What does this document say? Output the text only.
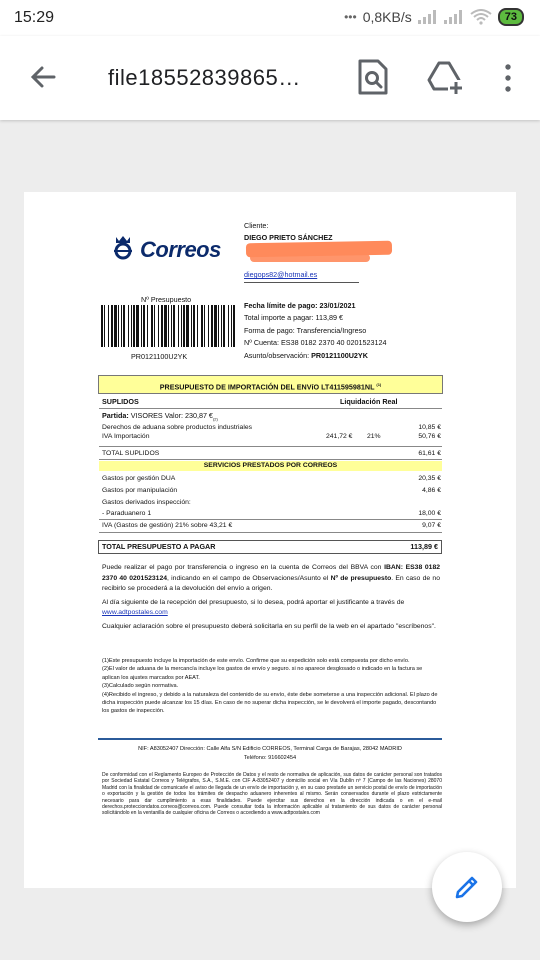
15:29	••• 0,8KB/s	73
file18552839865…
Correos
Cliente:
DIEGO PRIETO SÁNCHEZ
diegops82@hotmail.es
Nº Presupuesto
PR0121100U2YK
Fecha límite de pago: 23/01/2021
Total importe a pagar: 113,89 €
Forma de pago: Transferencia/Ingreso
Nº Cuenta: ES38 0182 2370 40 0201523124
Asunto/observación: PR0121100U2YK
PRESUPUESTO DE IMPORTACIÓN DEL ENVíO LT411595981NL $^{(1)}$
SUPLIDOS	Liquidación Real
Partida: VISORES Valor: 230,87 $€_{(2)}$
Derechos de aduana sobre productos industriales	10,85 €
IVA Importación	241,72 € 21%	50,76 €
TOTAL SUPLIDOS	61,61 €
SERVICIOS PRESTADOS POR CORREOS
Gastos por gestión DUA	20,35 €
Gastos por manipulación	4,86 €
Gastos derivados inspección:
- Paraduanero 1	18,00 €
IVA (Gastos de gestión) 21% sobre 43,21 €	9,07 €
TOTAL PRESUPUESTO A PAGAR	113,89 €
Puede realizar el pago por transferencia o ingreso en la cuenta de Correos del BBVA con IBAN: ES38 0182 2370 40 0201523124, indicando en el campo de Observaciones/Asunto el Nº de presupuesto. En caso de no recibirlo se procederá a la devolución del envío a origen.
Al día siguiente de la recepción del presupuesto, si lo desea, podrá aportar el justificante a través de
www.adtpostales.com
Cualquier aclaración sobre el presupuesto deberá solicitarla en su perfil de la web en el apartado "escríbenos".
(1)Este presupuesto incluye la importación de este envío. Confirme que su expedición solo está compuesta por dicho envío.
(2)El valor de aduana de la mercancía incluye los gastos de envío y seguro. si no aparece desglosado o indicado en la factura se aplican los ajustes marcados por AEAT.
(3)Calculado según normativa.
(4)Recibido el ingreso, y debido a la naturaleza del contenido de su envío, éste debe someterse a una inspección adicional. El plazo de dicha inspección puede alcanzar los 15 días. En caso de no superar dicha inspección, se le devolverá el importe pagado, descontando los gastos de inspección.
NIF: A83052407 Dirección: Calle Alfa S/N Edificio CORREOS, Terminal Carga de Barajas, 28042 MADRID
Teléfono: 916602454
De conformidad con el Reglamento Europeo de Protección de Datos y el resto de normativa de aplicación, sus datos de carácter personal son tratados por Sociedad Estatal Correos y Telégrafos, S.A., S.M.E. con CIF A-83052407 y domicilio social en Vía Dublín nº 7 (Campo de las Naciones) 28070 Madrid con la finalidad de comunicarle el aviso de llegada de un envío de importación y, en su caso prestarle un servicio postal de envío de importación o exportación y la gestión de todos los trámites de despacho aduanero inherentes al mismo. Serán conservados durante el plazo estrictamente necesario para dar cumplimiento a esas finalidades. Puede ejercitar sus derechos en la dirección indicada o en el e-mail derechos.protecciondatos.correos@correos.com. Puede consultar toda la información aplicable al tratamiento de sus datos de carácter personal solicitándolo en la ventanilla de cualquier oficina de Correos o accediendo a www.adtpostales.com
